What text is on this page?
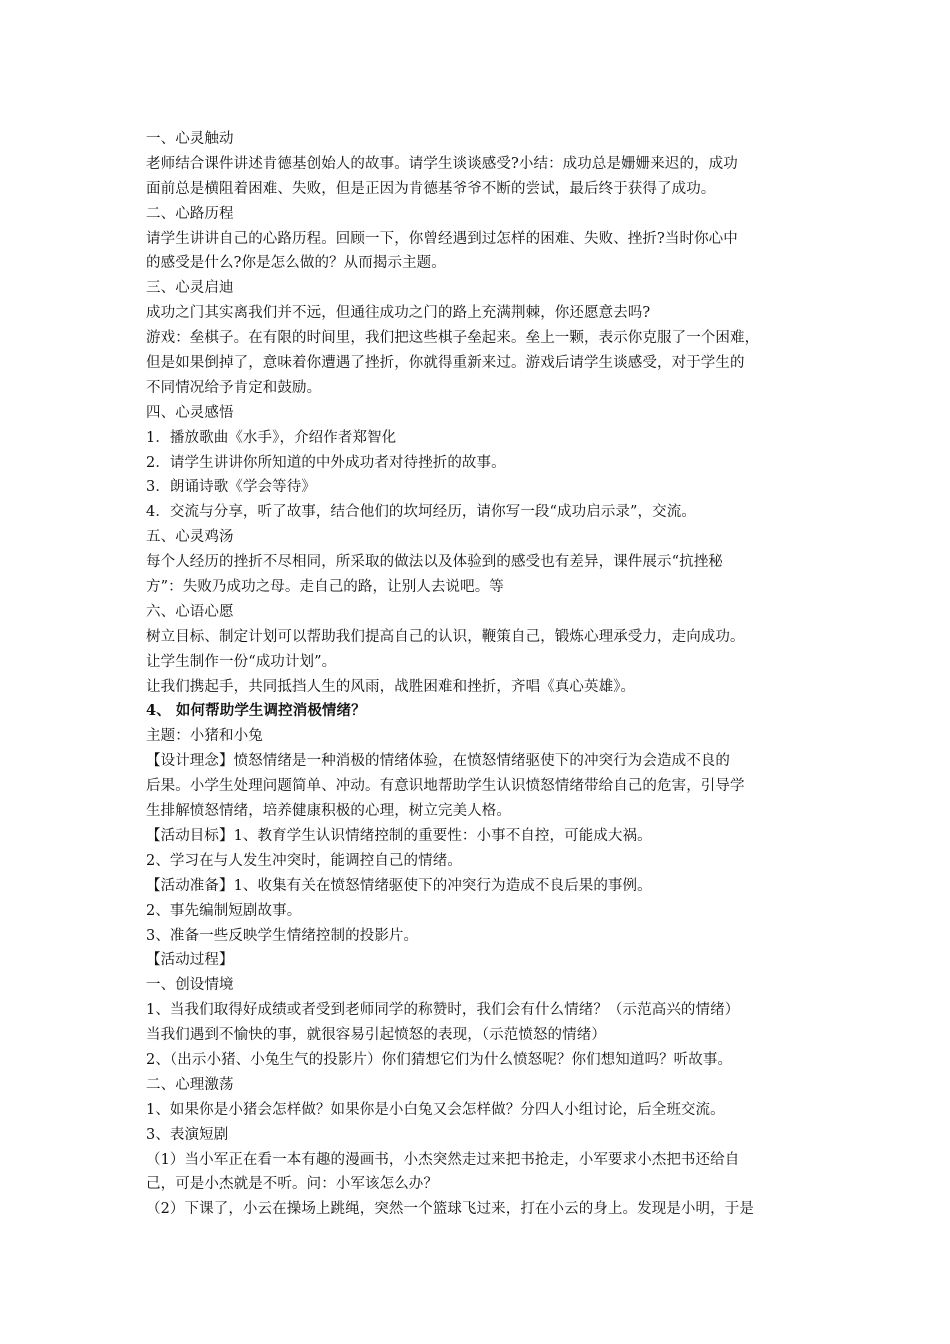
一、心灵触动
老师结合课件讲述肯德基创始人的故事。请学生谈谈感受?小结：成功总是姗姗来迟的，成功
面前总是横阻着困难、失败，但是正因为肯德基爷爷不断的尝试，最后终于获得了成功。
二、心路历程
请学生讲讲自己的心路历程。回顾一下，你曾经遇到过怎样的困难、失败、挫折?当时你心中
的感受是什么?你是怎么做的？从而揭示主题。
三、心灵启迪
成功之门其实离我们并不远，但通往成功之门的路上充满荆棘，你还愿意去吗?
游戏：垒棋子。在有限的时间里，我们把这些棋子垒起来。垒上一颗，表示你克服了一个困难，
但是如果倒掉了，意味着你遭遇了挫折，你就得重新来过。游戏后请学生谈感受，对于学生的
不同情况给予肯定和鼓励。
四、心灵感悟
1．播放歌曲《水手》，介绍作者郑智化
2．请学生讲讲你所知道的中外成功者对待挫折的故事。
3．朗诵诗歌《学会等待》
4．交流与分享，听了故事，结合他们的坎坷经历，请你写一段“成功启示录”，交流。
五、心灵鸡汤
每个人经历的挫折不尽相同，所采取的做法以及体验到的感受也有差异，课件展示“抗挫秘
方”：失败乃成功之母。走自己的路，让别人去说吧。等
六、心语心愿
树立目标、制定计划可以帮助我们提高自己的认识，鞭策自己，锻炼心理承受力，走向成功。
让学生制作一份“成功计划”。
让我们携起手，共同抵挡人生的风雨，战胜困难和挫折，齐唱《真心英雄》。
4、 如何帮助学生调控消极情绪？
主题：小猪和小兔
【设计理念】愤怒情绪是一种消极的情绪体验，在愤怒情绪驱使下的冲突行为会造成不良的
后果。小学生处理问题简单、冲动。有意识地帮助学生认识愤怒情绪带给自己的危害，引导学
生排解愤怒情绪，培养健康积极的心理，树立完美人格。
【活动目标】1、教育学生认识情绪控制的重要性：小事不自控，可能成大祸。
2、学习在与人发生冲突时，能调控自己的情绪。
【活动准备】1、收集有关在愤怒情绪驱使下的冲突行为造成不良后果的事例。
2、事先编制短剧故事。
3、准备一些反映学生情绪控制的投影片。
【活动过程】
一、创设情境
1、当我们取得好成绩或者受到老师同学的称赞时，我们会有什么情绪？（示范高兴的情绪）
当我们遇到不愉快的事，就很容易引起愤怒的表现，（示范愤怒的情绪）
2、（出示小猪、小兔生气的投影片）你们猜想它们为什么愤怒呢？你们想知道吗？听故事。
二、心理激荡
1、如果你是小猪会怎样做？如果你是小白兔又会怎样做？分四人小组讨论，后全班交流。
3、表演短剧
（1）当小军正在看一本有趣的漫画书，小杰突然走过来把书抢走，小军要求小杰把书还给自
己，可是小杰就是不听。问：小军该怎么办？
（2）下课了，小云在操场上跳绳，突然一个篮球飞过来，打在小云的身上。发现是小明，于是
